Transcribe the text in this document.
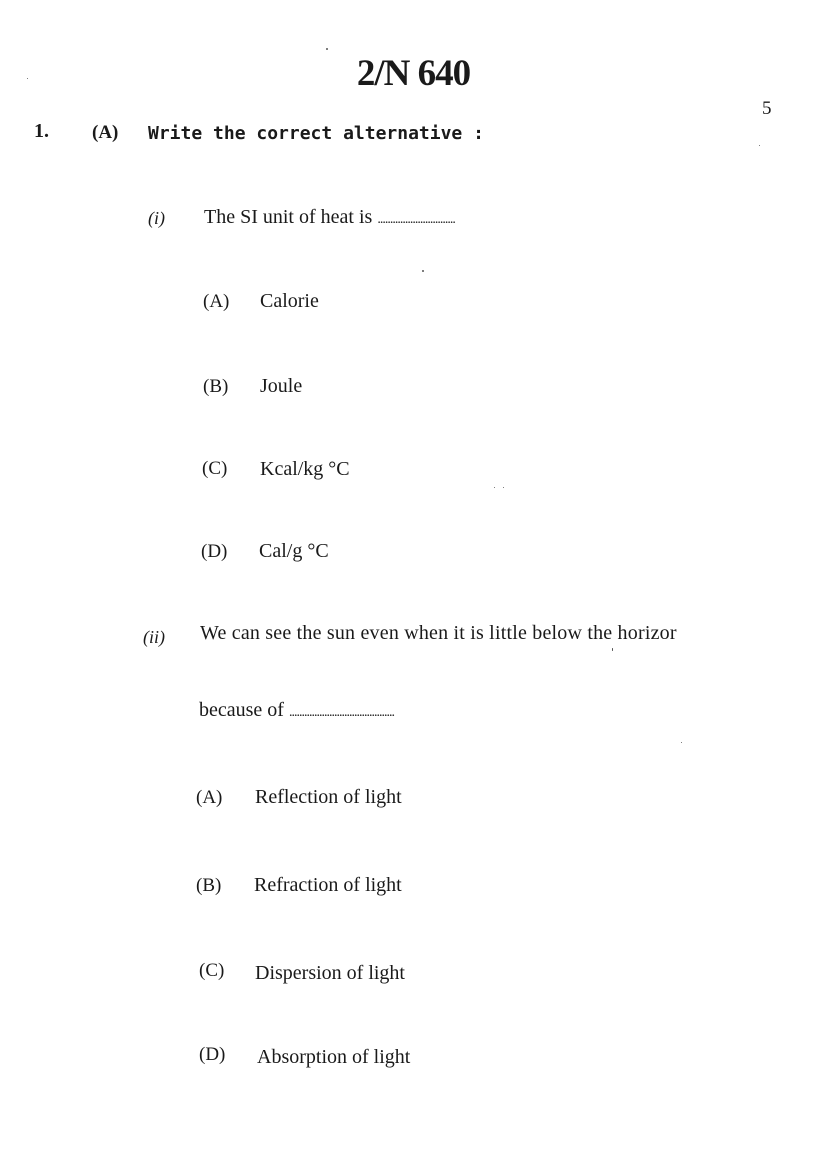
2/N 640
5
1. (A) Write the correct alternative :
(i) The SI unit of heat is ...............................
(A) Calorie
(B) Joule
(C) Kcal/kg °C
(D) Cal/g °C
(ii) We can see the sun even when it is little below the horizor
because of ..........................................
(A) Reflection of light
(B) Refraction of light
(C) Dispersion of light
(D) Absorption of light
